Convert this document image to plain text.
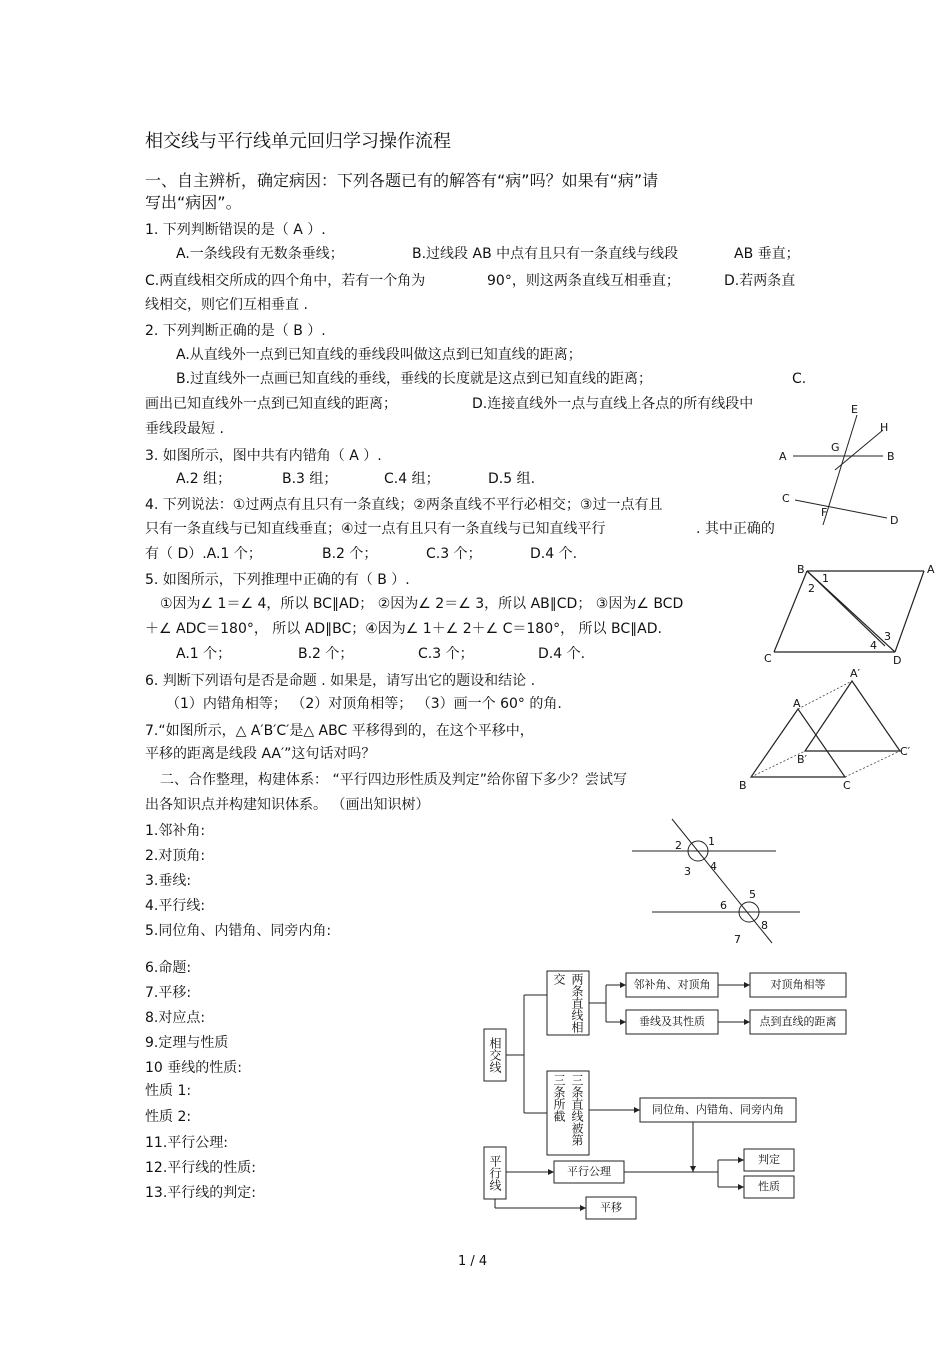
相交线与平行线单元回归学习操作流程
一、自主辨析，确定病因：下列各题已有的解答有“病”吗？如果有“病”请
写出“病因”。
1. 下列判断错误的是（ A ）.
A.一条线段有无数条垂线；	B.过线段 AB 中点有且只有一条直线与线段	AB 垂直；
C.两直线相交所成的四个角中，若有一个角为	90°，则这两条直线互相垂直；	D.若两条直
线相交，则它们互相垂直 .
2. 下列判断正确的是（ B ）.
A.从直线外一点到已知直线的垂线段叫做这点到已知直线的距离；
B.过直线外一点画已知直线的垂线，垂线的长度就是这点到已知直线的距离；	C.
画出已知直线外一点到已知直线的距离；	D.连接直线外一点与直线上各点的所有线段中
垂线段最短 .
3. 如图所示，图中共有内错角（ A ）.
A.2 组；	B.3 组；	C.4 组；	D.5 组.
4. 下列说法：①过两点有且只有一条直线；②两条直线不平行必相交；③过一点有且
只有一条直线与已知直线垂直；④过一点有且只有一条直线与已知直线平行	. 其中正确的
有（ D）.A.1 个；	B.2 个；	C.3 个；	D.4 个.
5. 如图所示，下列推理中正确的有（ B ）.
①因为∠ 1＝∠ 4，所以 BC∥AD； ②因为∠ 2＝∠ 3，所以 AB∥CD； ③因为∠ BCD
＋∠ ADC＝180°， 所以 AD∥BC；④因为∠ 1＋∠ 2＋∠ C＝180°， 所以 BC∥AD.
A.1 个；	B.2 个；	C.3 个；	D.4 个.
6. 判断下列语句是否是命题 . 如果是，请写出它的题设和结论 .
（1）内错角相等； （2）对顶角相等； （3）画一个 60° 的角.
7.“如图所示，△ A′B′C′是△ ABC 平移得到的，在这个平移中，
平移的距离是线段 AA′”这句话对吗？
二、合作整理，构建体系： “平行四边形性质及判定”给你留下多少？尝试写
出各知识点并构建知识体系。 （画出知识树）
1.邻补角:
2.对顶角:
3.垂线:
4.平行线:
5.同位角、内错角、同旁内角:
6.命题:
7.平移:
8.对应点:
9.定理与性质
10 垂线的性质:
性质 1:
性质 2:
11.平行公理:
12.平行线的性质:
13.平行线的判定:
E
H
G
A	B
C
F
D
B	A
1
2
3
4
C	D
A′
A
B′
C′
B	C
1
2
3 4
5
6
7
8
相交线
两条直线相交	邻补角、对顶角	对顶角相等
垂线及其性质	点到直线的距离
三条直线被第三条所截	同位角、内错角、同旁内角
平行线	平行公理
判定
性质
平移
1 / 4
